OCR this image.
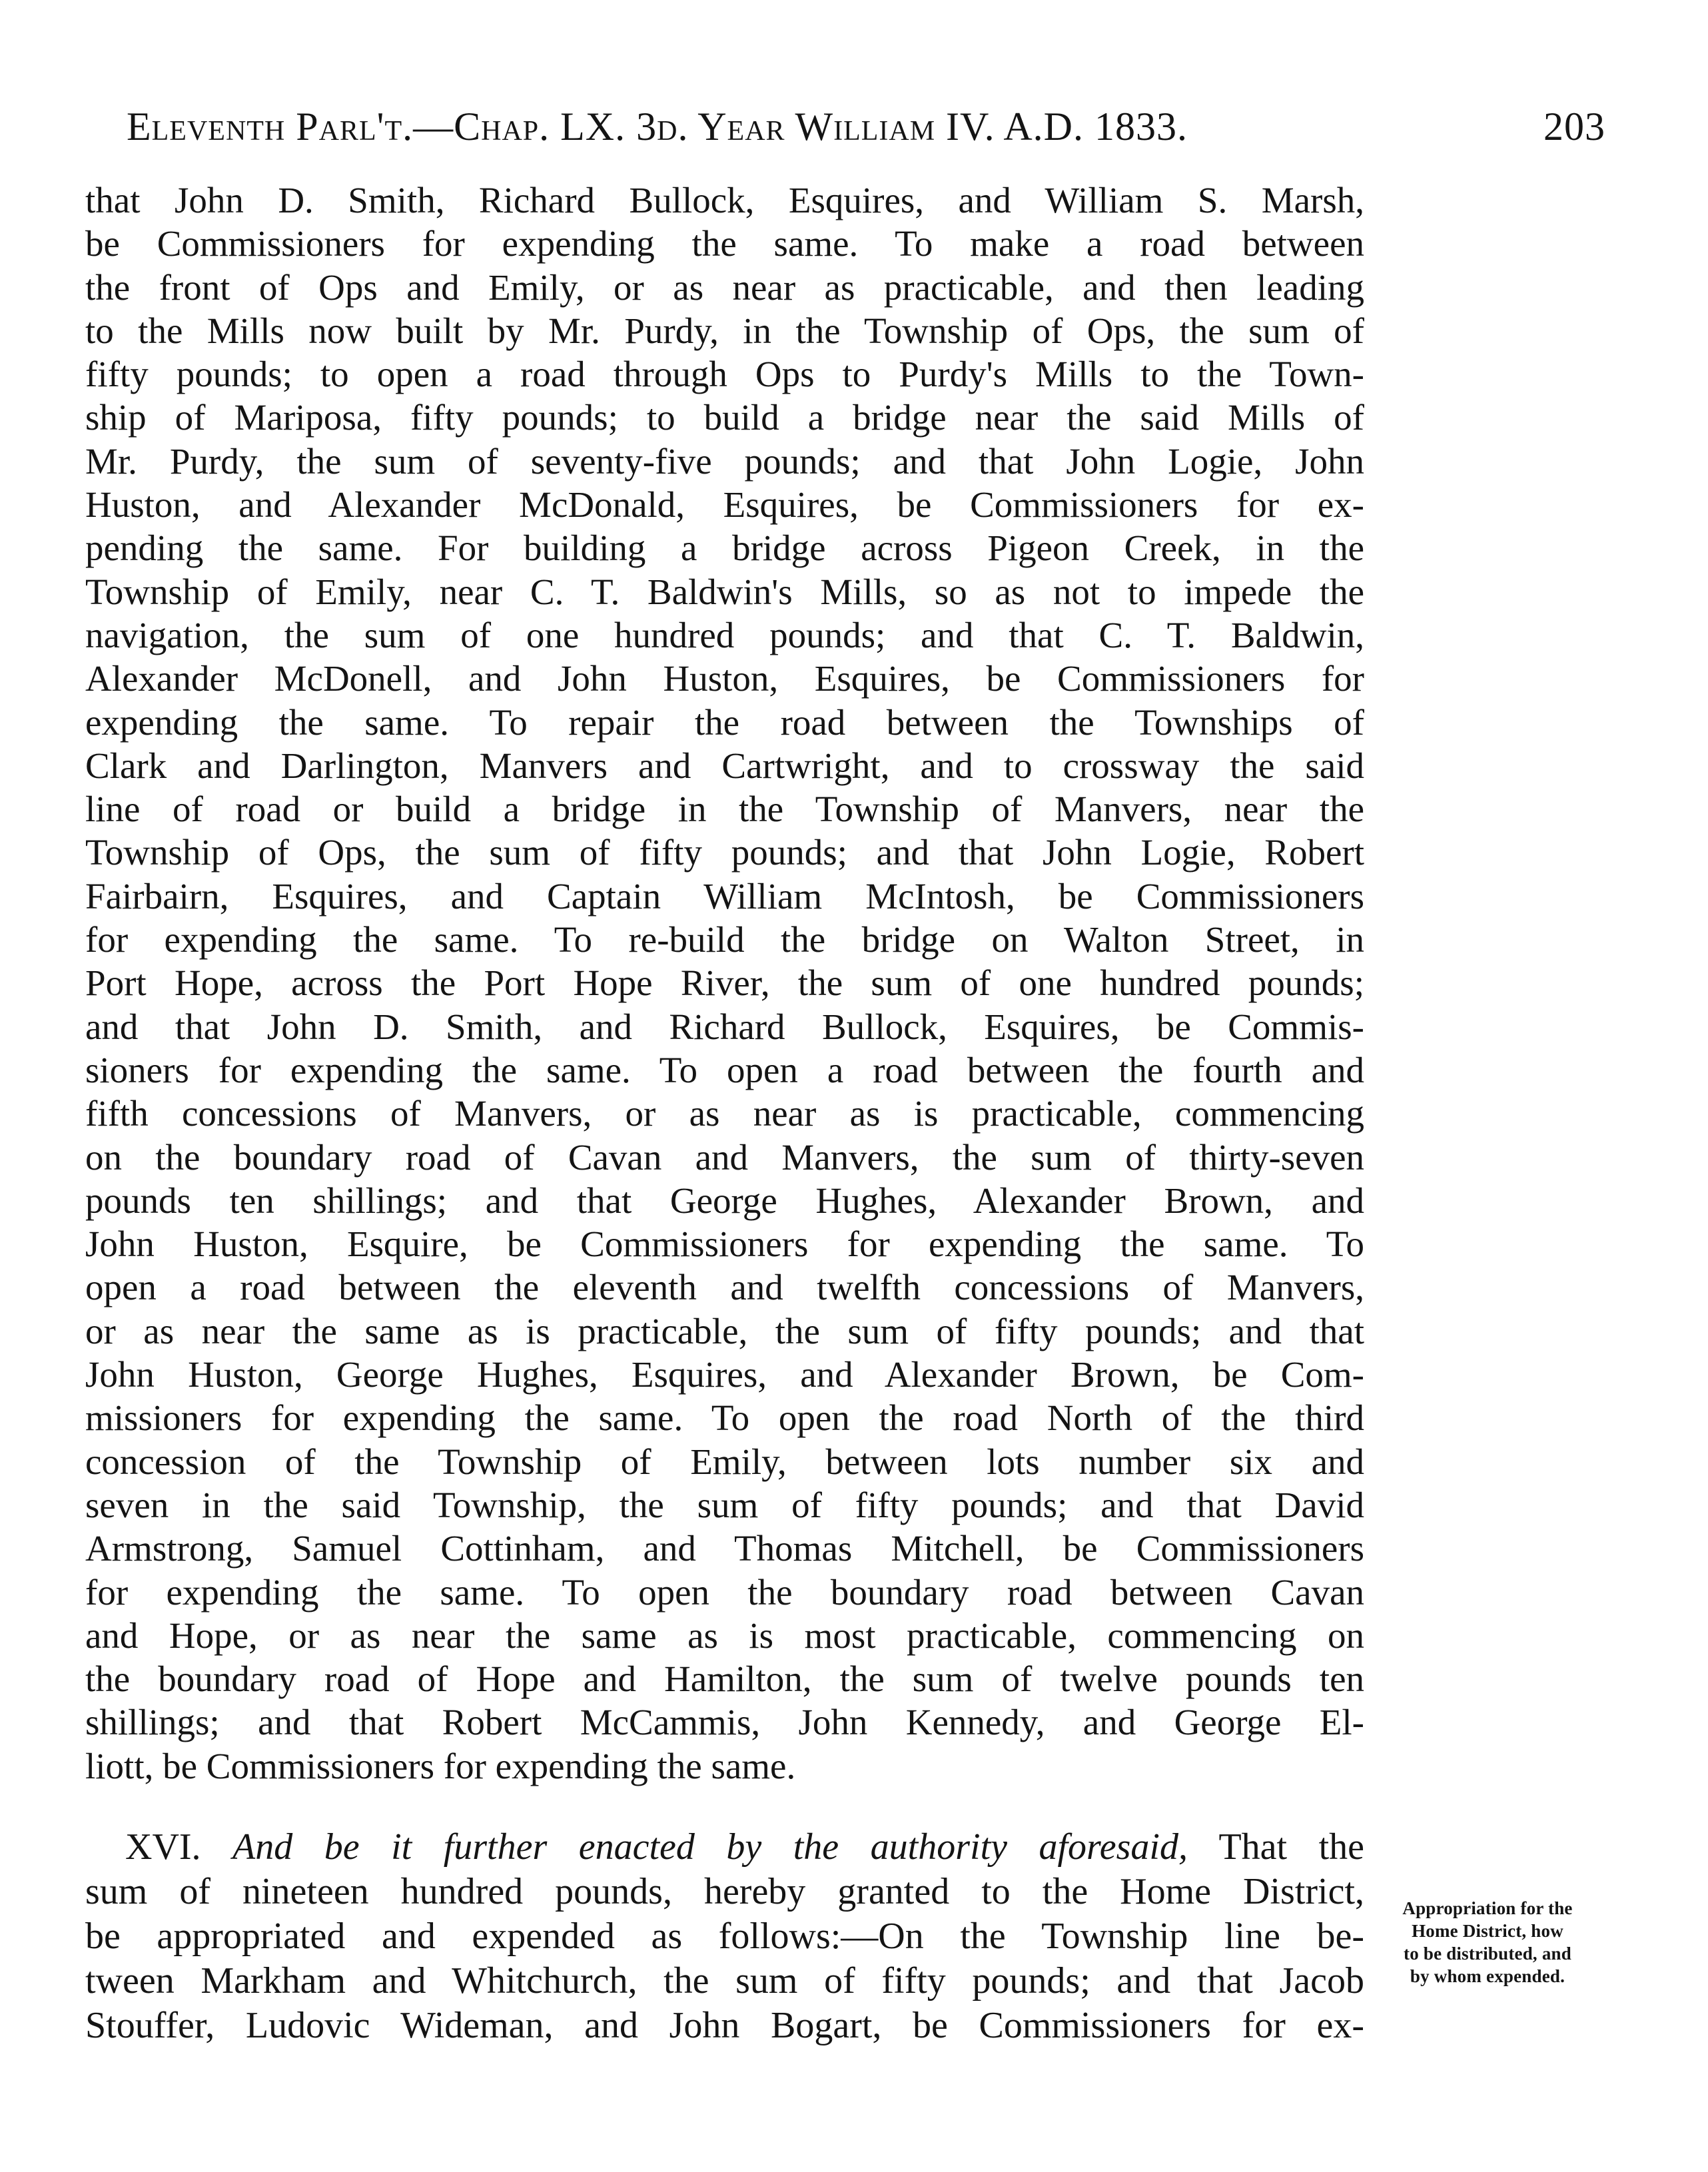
Eleventh Parl't.—Chap. LX. 3d. Year William IV. A.D. 1833.	203
that John D. Smith, Richard Bullock, Esquires, and William S. Marsh,
be Commissioners for expending the same. To make a road between
the front of Ops and Emily, or as near as practicable, and then leading
to the Mills now built by Mr. Purdy, in the Township of Ops, the sum of
fifty pounds; to open a road through Ops to Purdy's Mills to the Town-
ship of Mariposa, fifty pounds; to build a bridge near the said Mills of
Mr. Purdy, the sum of seventy-five pounds; and that John Logie, John
Huston, and Alexander McDonald, Esquires, be Commissioners for ex-
pending the same. For building a bridge across Pigeon Creek, in the
Township of Emily, near C. T. Baldwin's Mills, so as not to impede the
navigation, the sum of one hundred pounds; and that C. T. Baldwin,
Alexander McDonell, and John Huston, Esquires, be Commissioners for
expending the same. To repair the road between the Townships of
Clark and Darlington, Manvers and Cartwright, and to crossway the said
line of road or build a bridge in the Township of Manvers, near the
Township of Ops, the sum of fifty pounds; and that John Logie, Robert
Fairbairn, Esquires, and Captain William McIntosh, be Commissioners
for expending the same. To re-build the bridge on Walton Street, in
Port Hope, across the Port Hope River, the sum of one hundred pounds;
and that John D. Smith, and Richard Bullock, Esquires, be Commis-
sioners for expending the same. To open a road between the fourth and
fifth concessions of Manvers, or as near as is practicable, commencing
on the boundary road of Cavan and Manvers, the sum of thirty-seven
pounds ten shillings; and that George Hughes, Alexander Brown, and
John Huston, Esquire, be Commissioners for expending the same. To
open a road between the eleventh and twelfth concessions of Manvers,
or as near the same as is practicable, the sum of fifty pounds; and that
John Huston, George Hughes, Esquires, and Alexander Brown, be Com-
missioners for expending the same. To open the road North of the third
concession of the Township of Emily, between lots number six and
seven in the said Township, the sum of fifty pounds; and that David
Armstrong, Samuel Cottinham, and Thomas Mitchell, be Commissioners
for expending the same. To open the boundary road between Cavan
and Hope, or as near the same as is most practicable, commencing on
the boundary road of Hope and Hamilton, the sum of twelve pounds ten
shillings; and that Robert McCammis, John Kennedy, and George El-
liott, be Commissioners for expending the same.
XVI. And be it further enacted by the authority aforesaid, That the
sum of nineteen hundred pounds, hereby granted to the Home District,
be appropriated and expended as follows:—On the Township line be-
tween Markham and Whitchurch, the sum of fifty pounds; and that Jacob
Stouffer, Ludovic Wideman, and John Bogart, be Commissioners for ex-
Appropriation for the
Home District, how
to be distributed, and
by whom expended.
